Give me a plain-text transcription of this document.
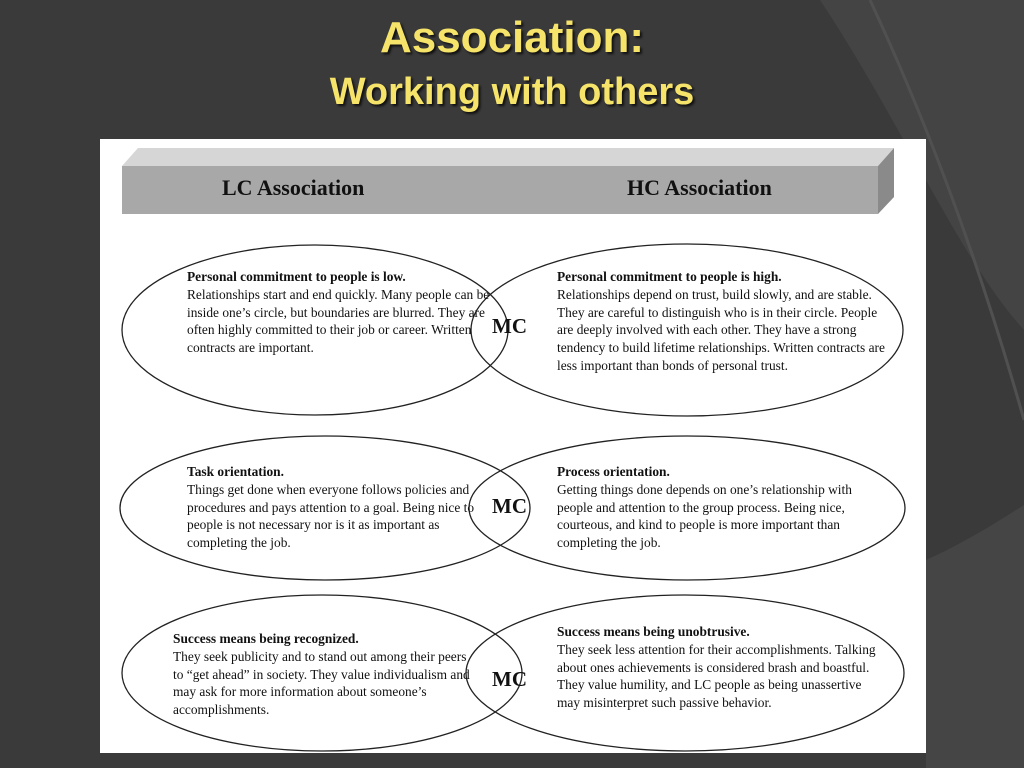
Association:
Working with others
LC Association	HC Association
Personal commitment to people is low.
Relationships start and end quickly. Many people can be inside one’s circle, but boundaries are blurred. They are often highly committed to their job or career. Written contracts are important.
MC
Personal commitment to people is high.
Relationships depend on trust, build slowly, and are stable. They are careful to distinguish who is in their circle. People are deeply involved with each other. They have a strong tendency to build lifetime relationships. Written contracts are less important than bonds of personal trust.
Task orientation.
Things get done when everyone follows policies and procedures and pays attention to a goal. Being nice to people is not necessary nor is it as important as completing the job.
MC
Process orientation.
Getting things done depends on one’s relationship with people and attention to the group process. Being nice, courteous, and kind to people is more important than completing the job.
Success means being recognized.
They seek publicity and to stand out among their peers to “get ahead” in society. They value individualism and may ask for more information about someone’s accomplishments.
MC
Success means being unobtrusive.
They seek less attention for their accomplishments. Talking about ones achievements is considered brash and boastful. They value humility, and LC people as being unassertive may misinterpret such passive behavior.
